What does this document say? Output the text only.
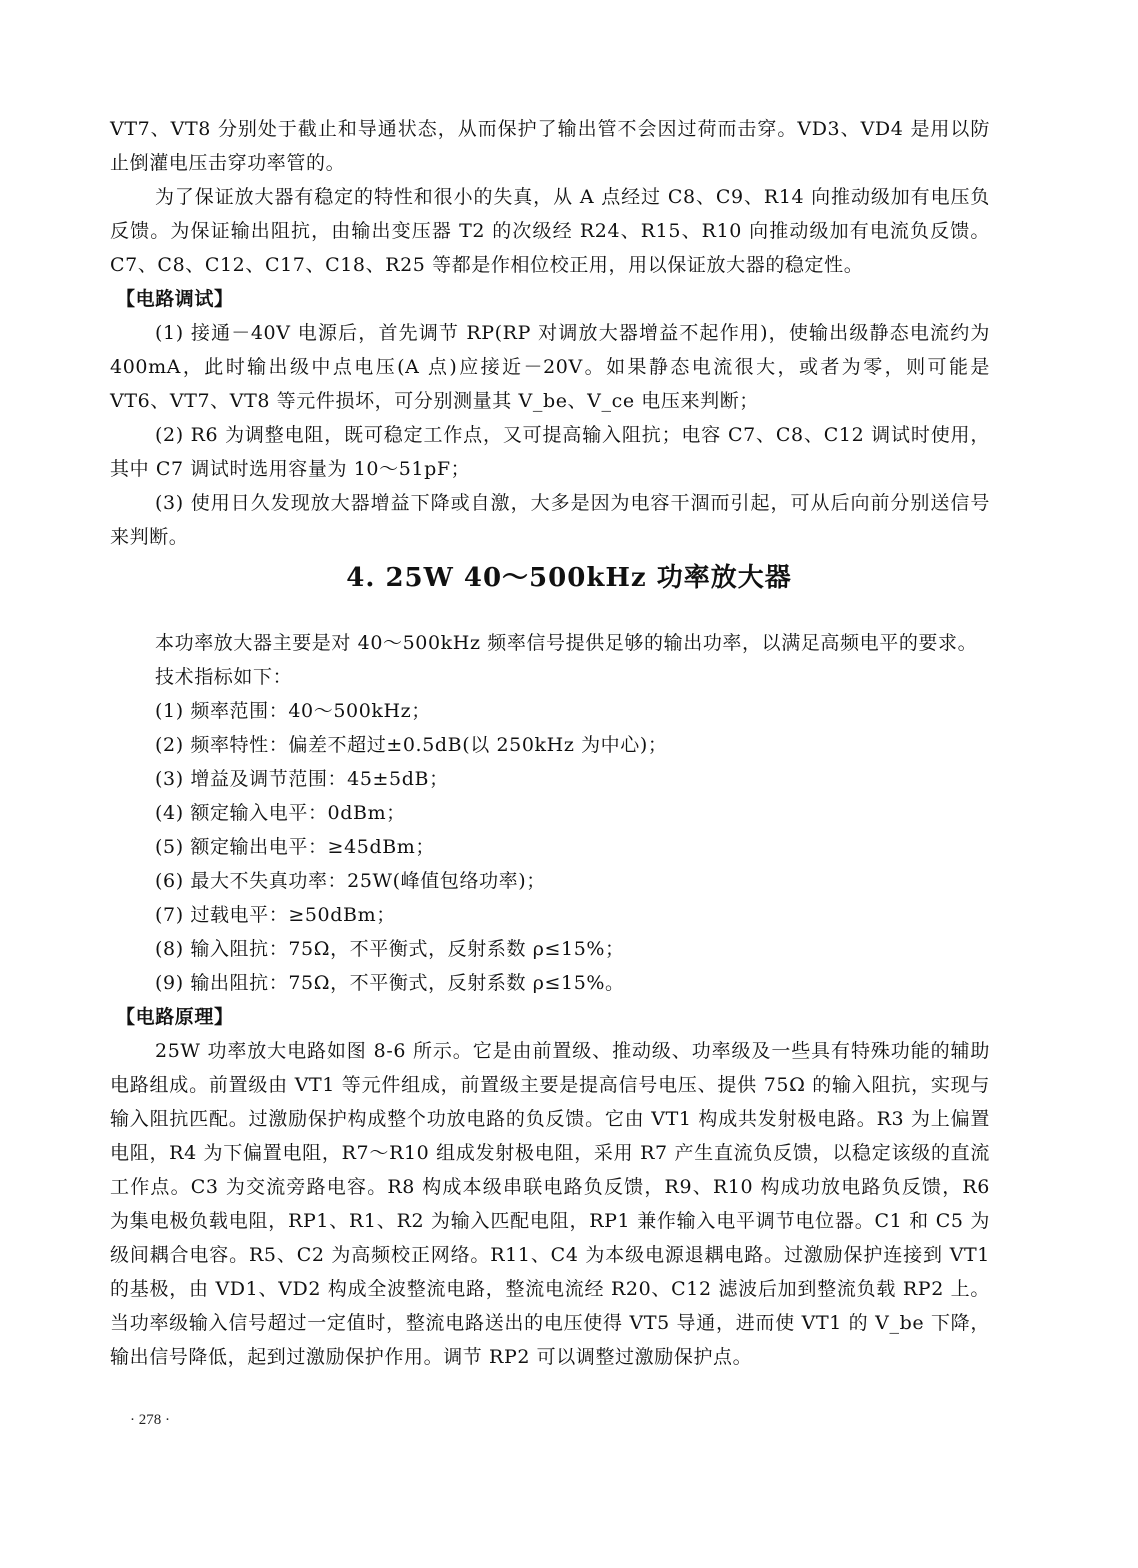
VT7、VT8 分别处于截止和导通状态，从而保护了输出管不会因过荷而击穿。VD3、VD4 是用以防止倒灌电压击穿功率管的。

为了保证放大器有稳定的特性和很小的失真，从 A 点经过 C8、C9、R14 向推动级加有电压负反馈。为保证输出阻抗，由输出变压器 T2 的次级经 R24、R15、R10 向推动级加有电流负反馈。C7、C8、C12、C17、C18、R25 等都是作相位校正用，用以保证放大器的稳定性。

【电路调试】

(1) 接通－40V 电源后，首先调节 RP(RP 对调放大器增益不起作用)，使输出级静态电流约为 400mA，此时输出级中点电压(A 点)应接近－20V。如果静态电流很大，或者为零，则可能是 VT6、VT7、VT8 等元件损坏，可分别测量其 V_be、V_ce 电压来判断；

(2) R6 为调整电阻，既可稳定工作点，又可提高输入阻抗；电容 C7、C8、C12 调试时使用，其中 C7 调试时选用容量为 10～51pF；

(3) 使用日久发现放大器增益下降或自激，大多是因为电容干涸而引起，可从后向前分别送信号来判断。

4. 25W 40～500kHz 功率放大器

本功率放大器主要是对 40～500kHz 频率信号提供足够的输出功率，以满足高频电平的要求。

技术指标如下：

(1) 频率范围：40～500kHz；

(2) 频率特性：偏差不超过±0.5dB(以 250kHz 为中心)；

(3) 增益及调节范围：45±5dB；

(4) 额定输入电平：0dBm；

(5) 额定输出电平：≥45dBm；

(6) 最大不失真功率：25W(峰值包络功率)；

(7) 过载电平：≥50dBm；

(8) 输入阻抗：75Ω，不平衡式，反射系数 ρ≤15%；

(9) 输出阻抗：75Ω，不平衡式，反射系数 ρ≤15%。

【电路原理】

25W 功率放大电路如图 8-6 所示。它是由前置级、推动级、功率级及一些具有特殊功能的辅助电路组成。前置级由 VT1 等元件组成，前置级主要是提高信号电压、提供 75Ω 的输入阻抗，实现与输入阻抗匹配。过激励保护构成整个功放电路的负反馈。它由 VT1 构成共发射极电路。R3 为上偏置电阻，R4 为下偏置电阻，R7～R10 组成发射极电阻，采用 R7 产生直流负反馈，以稳定该级的直流工作点。C3 为交流旁路电容。R8 构成本级串联电路负反馈，R9、R10 构成功放电路负反馈，R6 为集电极负载电阻，RP1、R1、R2 为输入匹配电阻，RP1 兼作输入电平调节电位器。C1 和 C5 为级间耦合电容。R5、C2 为高频校正网络。R11、C4 为本级电源退耦电路。过激励保护连接到 VT1 的基极，由 VD1、VD2 构成全波整流电路，整流电流经 R20、C12 滤波后加到整流负载 RP2 上。当功率级输入信号超过一定值时，整流电路送出的电压使得 VT5 导通，进而使 VT1 的 V_be 下降，输出信号降低，起到过激励保护作用。调节 RP2 可以调整过激励保护点。

· 278 ·
